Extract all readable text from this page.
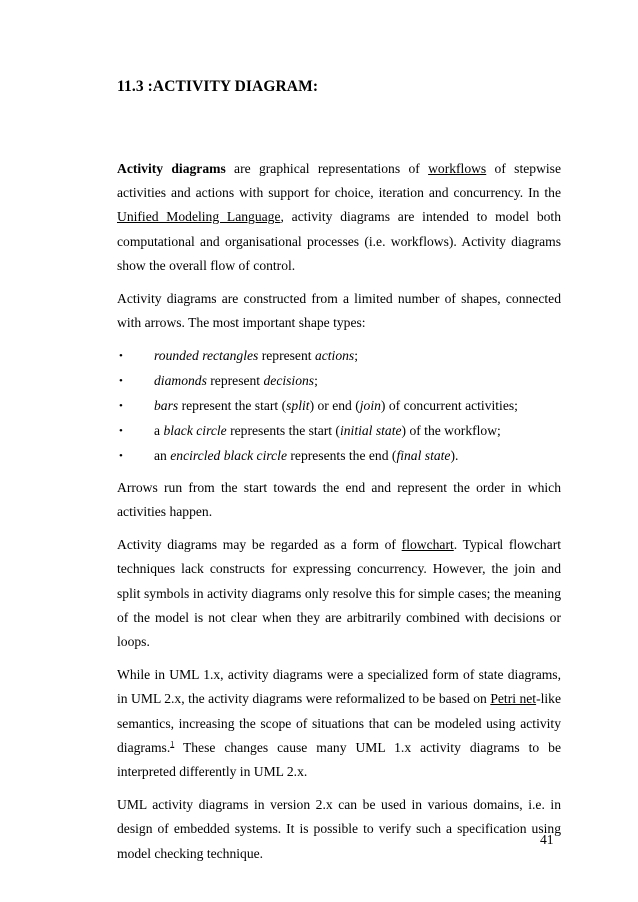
11.3 :ACTIVITY DIAGRAM:

Activity diagrams are graphical representations of workflows of stepwise activities and actions with support for choice, iteration and concurrency. In the Unified Modeling Language, activity diagrams are intended to model both computational and organisational processes (i.e. workflows). Activity diagrams show the overall flow of control.

Activity diagrams are constructed from a limited number of shapes, connected with arrows. The most important shape types:

• rounded rectangles represent actions;
• diamonds represent decisions;
• bars represent the start (split) or end (join) of concurrent activities;
• a black circle represents the start (initial state) of the workflow;
• an encircled black circle represents the end (final state).

Arrows run from the start towards the end and represent the order in which activities happen.

Activity diagrams may be regarded as a form of flowchart. Typical flowchart techniques lack constructs for expressing concurrency. However, the join and split symbols in activity diagrams only resolve this for simple cases; the meaning of the model is not clear when they are arbitrarily combined with decisions or loops.

While in UML 1.x, activity diagrams were a specialized form of state diagrams, in UML 2.x, the activity diagrams were reformalized to be based on Petri net-like semantics, increasing the scope of situations that can be modeled using activity diagrams.$^1$ These changes cause many UML 1.x activity diagrams to be interpreted differently in UML 2.x.

UML activity diagrams in version 2.x can be used in various domains, i.e. in design of embedded systems. It is possible to verify such a specification using model checking technique.

41
